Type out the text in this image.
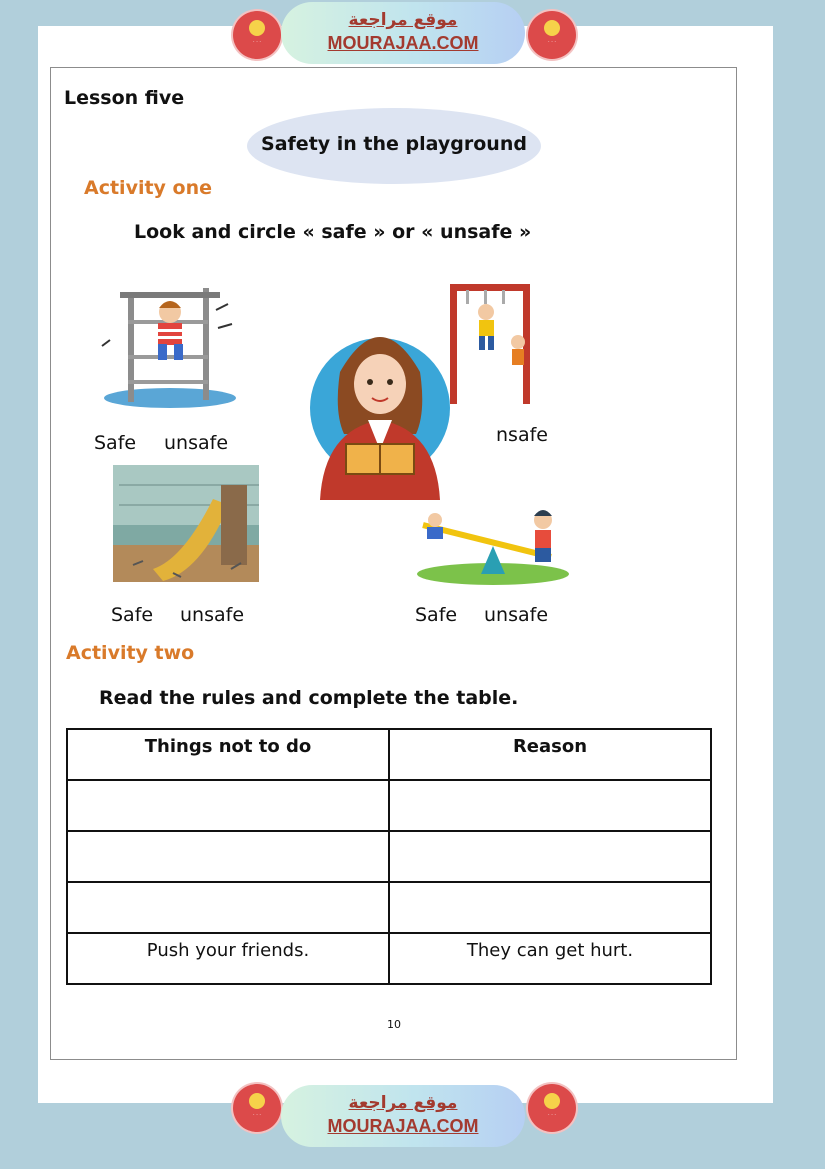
· · ·
موقع مراجعة
MOURAJAA.COM	· · ·
Lesson five
Safety in the playground
Activity one
Look and circle « safe » or « unsafe »
Safe unsafe	nsafe
Safe unsafe	Safe unsafe
Activity two
Read the rules and complete the table.
Things not to do	Reason

Push your friends.	They can get hurt.
10
· · ·
موقع مراجعة
MOURAJAA.COM
· · ·
